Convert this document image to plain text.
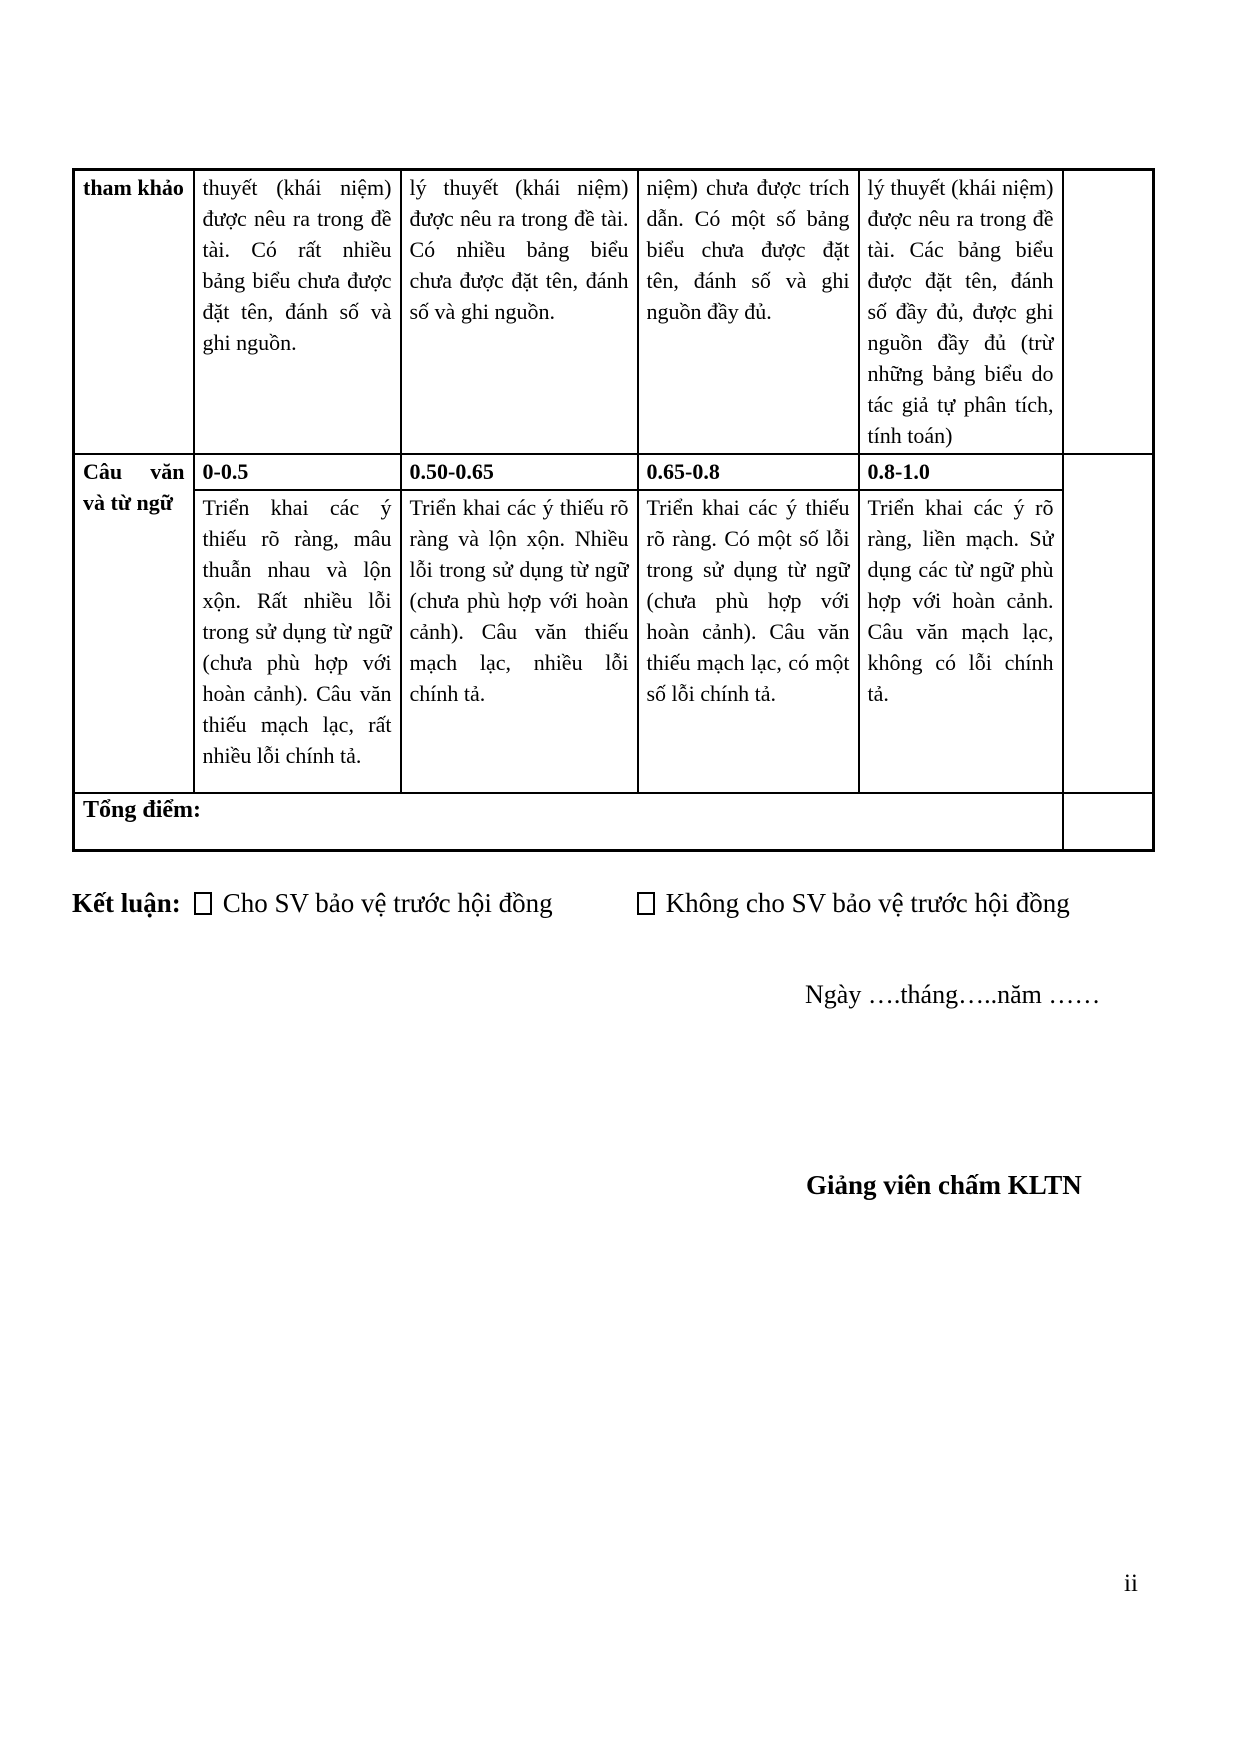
tham khảo	thuyết (khái niệm) được nêu ra trong đề tài. Có rất nhiều bảng biểu chưa được đặt tên, đánh số và ghi nguồn.	lý thuyết (khái niệm) được nêu ra trong đề tài. Có nhiều bảng biểu chưa được đặt tên, đánh số và ghi nguồn.	niệm) chưa được trích dẫn. Có một số bảng biểu chưa được đặt tên, đánh số và ghi nguồn đầy đủ.	lý thuyết (khái niệm) được nêu ra trong đề tài. Các bảng biểu được đặt tên, đánh số đầy đủ, được ghi nguồn đầy đủ (trừ những bảng biểu do tác giả tự phân tích, tính toán)	
Câu văn và từ ngữ	0-0.5	0.50-0.65	0.65-0.8	0.8-1.0	
	Triển khai các ý thiếu rõ ràng, mâu thuẫn nhau và lộn xộn. Rất nhiều lỗi trong sử dụng từ ngữ (chưa phù hợp với hoàn cảnh). Câu văn thiếu mạch lạc, rất nhiều lỗi chính tả.	Triển khai các ý thiếu rõ ràng và lộn xộn. Nhiều lỗi trong sử dụng từ ngữ (chưa phù hợp với hoàn cảnh). Câu văn thiếu mạch lạc, nhiều lỗi chính tả.	Triển khai các ý thiếu rõ ràng. Có một số lỗi trong sử dụng từ ngữ (chưa phù hợp với hoàn cảnh). Câu văn thiếu mạch lạc, có một số lỗi chính tả.	Triển khai các ý rõ ràng, liền mạch. Sử dụng các từ ngữ phù hợp với hoàn cảnh. Câu văn mạch lạc, không có lỗi chính tả.	
Tổng điểm:					
Kết luận: Cho SV bảo vệ trước hội đồng	Không cho SV bảo vệ trước hội đồng
Ngày ….tháng…..năm ……
Giảng viên chấm KLTN
ii
